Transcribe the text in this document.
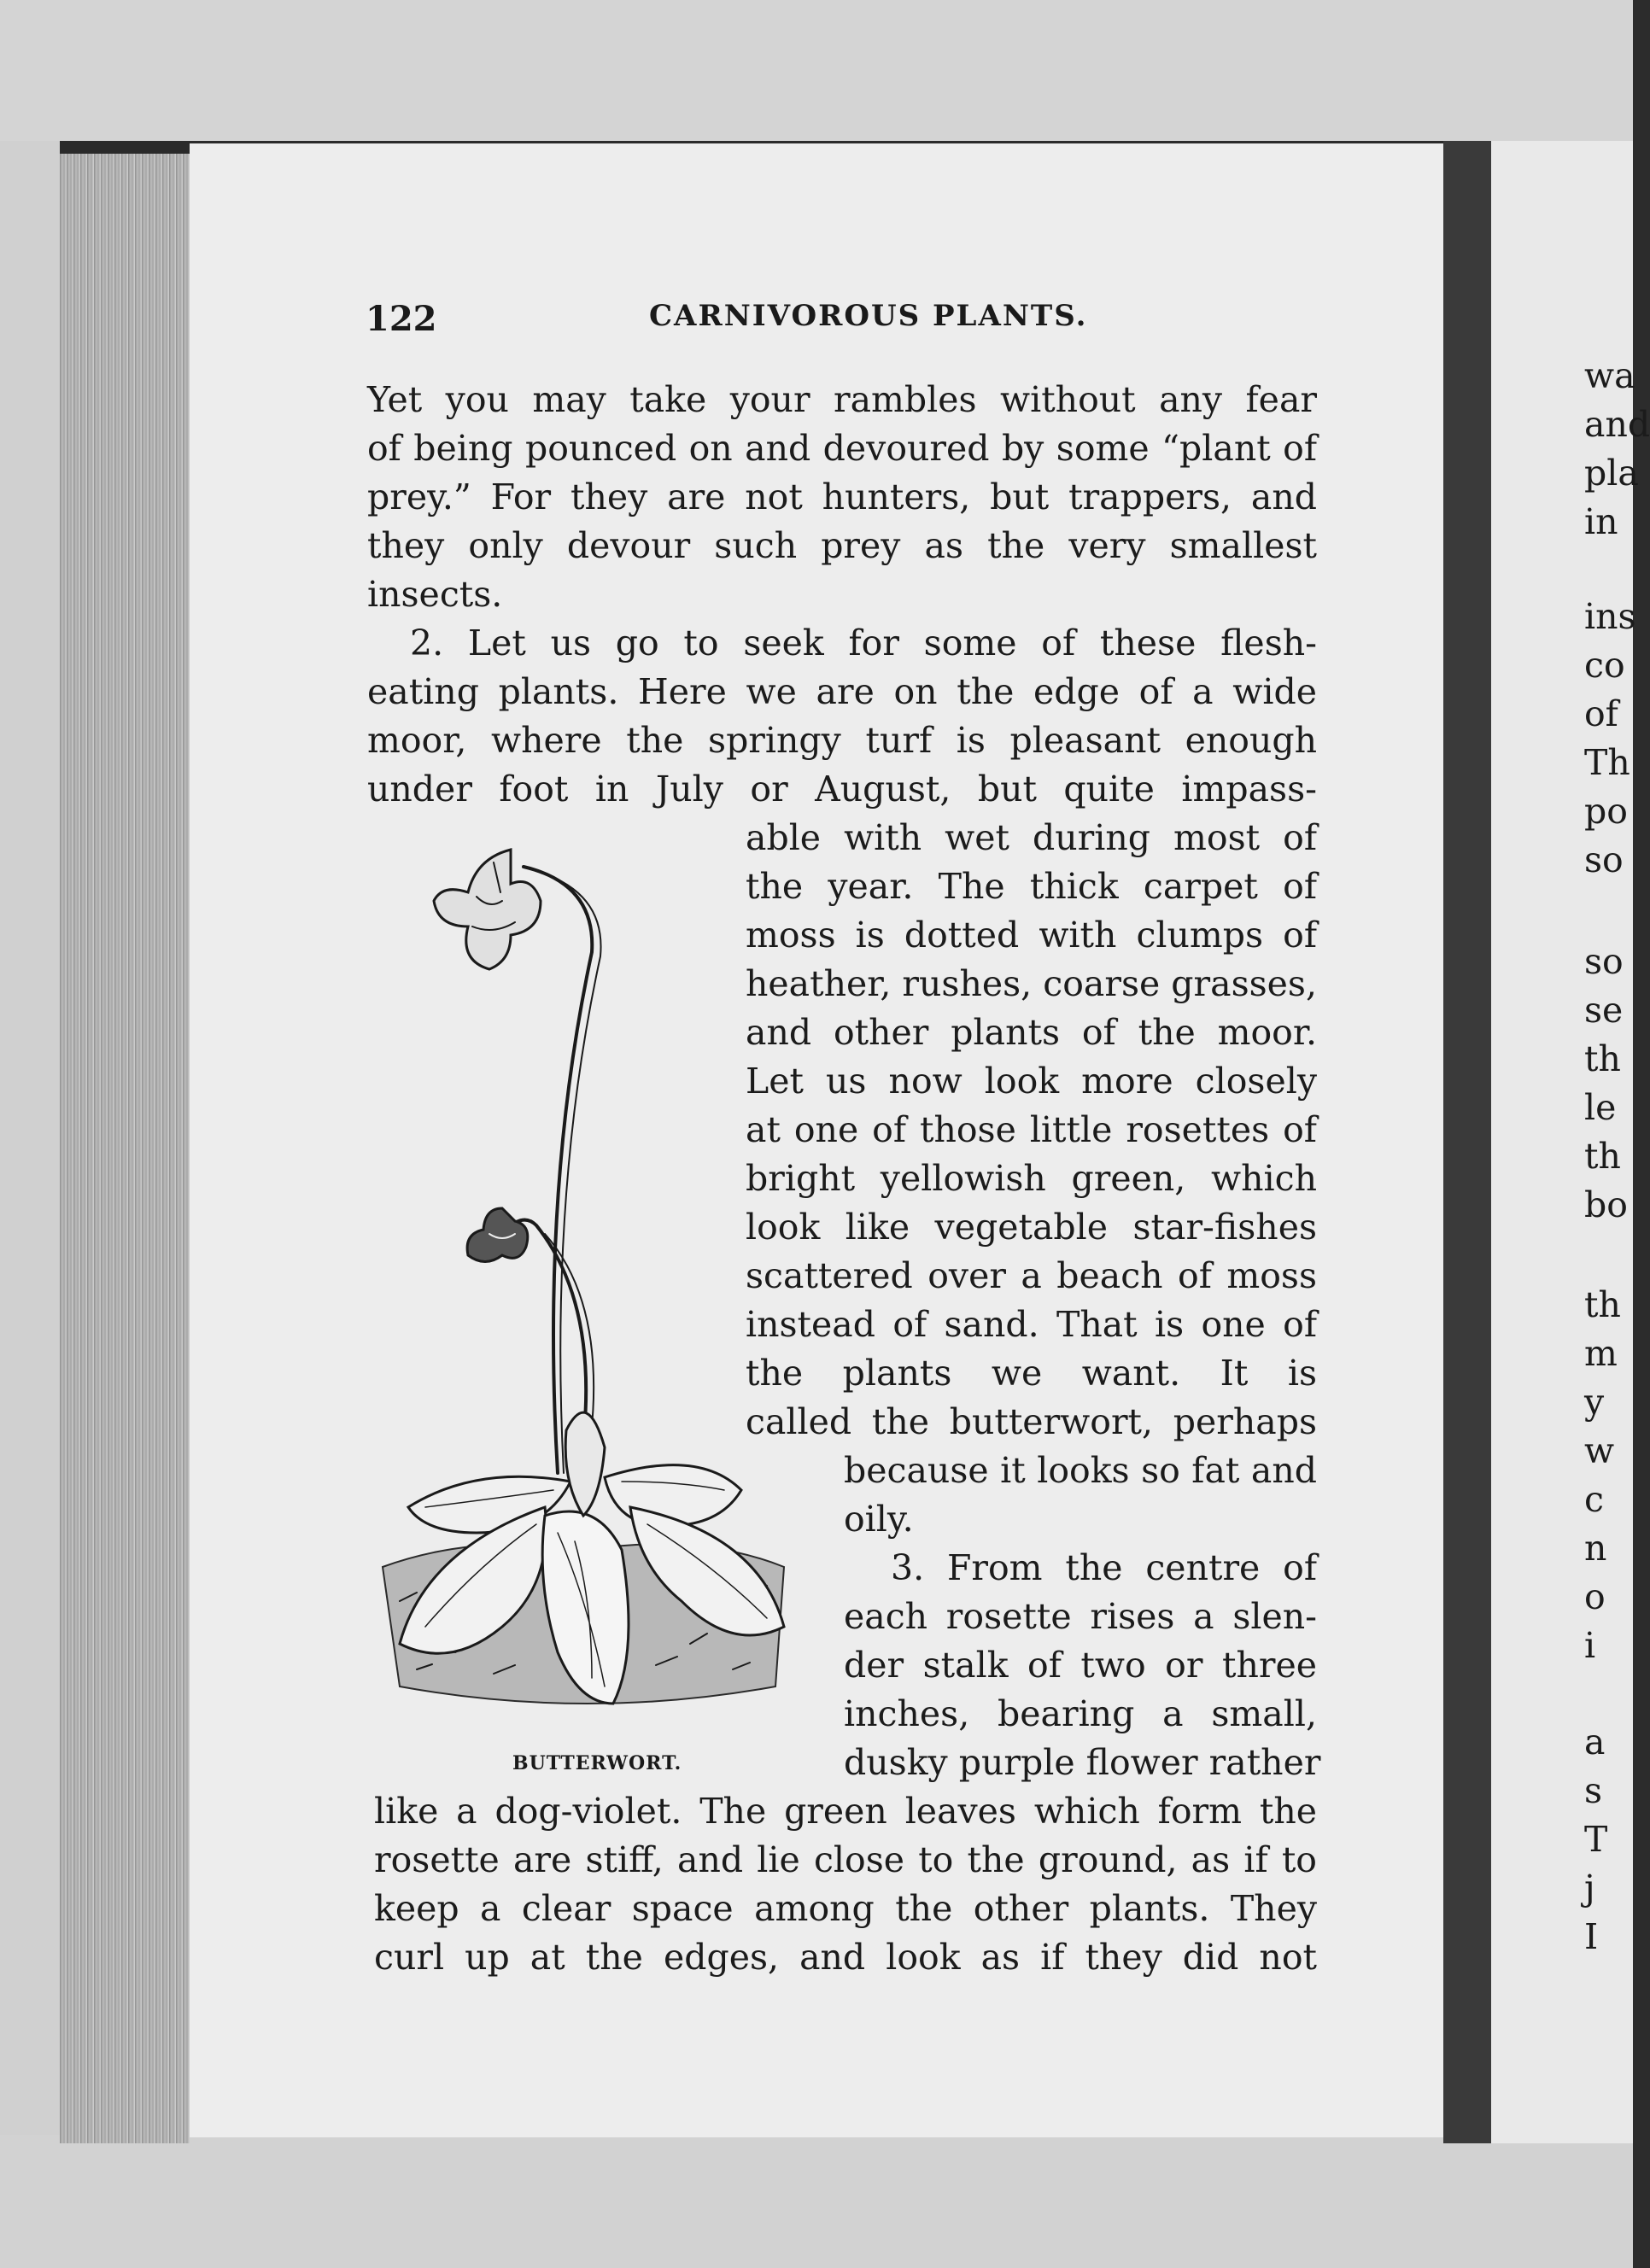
122	CARNIVOROUS PLANTS.
Yet you may take your rambles without any fear
of being pounced on and devoured by some “plant of
prey.” For they are not hunters, but trappers, and
they only devour such prey as the very smallest
insects.
2. Let us go to seek for some of these flesh-
eating plants. Here we are on the edge of a wide
moor, where the springy turf is pleasant enough
under foot in July or August, but quite impass-
able with wet during most of
the year. The thick carpet of
moss is dotted with clumps of
heather, rushes, coarse grasses,
and other plants of the moor.
Let us now look more closely
at one of those little rosettes of
bright yellowish green, which
look like vegetable star-fishes
scattered over a beach of moss
instead of sand. That is one of
the plants we want. It is
called the butterwort, perhaps
because it looks so fat and
oily.
3. From the centre of
each rosette rises a slen-
der stalk of two or three
inches, bearing a small,
dusky purple flower rather
like a dog-violet. The green leaves which form the
rosette are stiff, and lie close to the ground, as if to
keep a clear space among the other plants. They
curl up at the edges, and look as if they did not
BUTTERWORT.
wa
and
pla
in
ins
co
of
Th
po
so
so
se
th
le
th
bo
th
m
y
w
c
n
o
i
a
s
T
j
I
